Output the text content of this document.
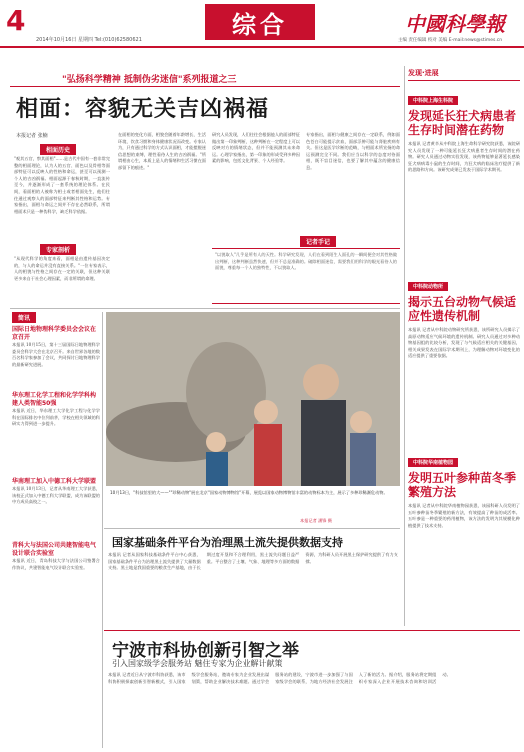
4
2014年10月16日 星期四 Tel:(010)62580621
综合	中國科學報
主编 责任编辑 校对 美编 E-mail:news@stimes.cn
"弘扬科学精神 抵制伪劣迷信"系列报道之三
相面：容貌无关吉凶祸福
本报记者 张楠
相面历史
"观其五官，察其面相"……是古代中国有一套非常完整的相面理论，认为人的五官、面色以及骨相等面部特征可以反映人的性格和命运，甚至可以预测一个人的吉凶祸福。相面起源于春秋时期，一直流传至今，并逐渐形成了一套系统的理论体系。在民间，看面相的人被称为相士或者相面先生，他们往往通过观察人的面部特征来判断其性格和运势。专家指出，面相与命运之间并不存在必然联系，所谓相面术只是一种伪科学，缺乏科学依据。
专家剖析
"从现代科学的角度来看，面相是由遗传基因决定的，与人的命运并没有直接关系。"一位专家表示，人的相貌与性格之间存在一定的关联，但这种关联更多来自于社会心理因素，而非所谓的命理。
在面相的变化方面，相貌会随着年龄增长、生活环境、饮食习惯和身体健康状况而改变。专家认为，只有通过科学的方式认识面相，才能摆脱迷信思想的束缚，理性看待人生的吉凶祸福。"所谓相由心生，本质上是人的情绪和生活习惯在面部留下的痕迹。"
研究人员发现，人们往往会根据他人的面部特征做出第一印象判断，这种判断在一定程度上可以反映对方的情绪状态，但并不能预测其未来命运。心理学家指出，第一印象的形成受到多种因素的影响，包括文化背景、个人经验等。
专家指出，面相与健康之间存在一定联系，例如面色苍白可能提示贫血，面部浮肿可能与肾脏疾病有关。但这是医学诊断的范畴，与相面术所宣扬的命运预测完全不同。我们应当以科学的态度对待面相，既不盲目迷信，也要了解其中蕴含的健康信息。
记者手记
"以貌取人"几乎是所有人的天性。科学研究发现，人们在看到陌生人面孔的一瞬间便会对其性格做出判断，这种判断虽然快速，但并不总是准确的。破除相面迷信，需要我们用科学的眼光看待人的面貌，尊重每一个人的独特性，不以貌取人。
发现·进展
中科院上海生科院
发现延长狂犬病患者生存时间潜在药物
本报讯 记者黄辛从中科院上海生命科学研究院获悉，该院研究人员发现了一种可能延长狂犬病患者生存时间的潜在药物。研究人员通过动物实验发现，该药物能够显著延长感染狂犬病病毒小鼠的生存时间，为狂犬病的临床治疗提供了新的思路和方向。该研究成果已发表于国际学术期刊。
中科院动物所
揭示五台动物气候适应性遗传机制
本报讯 记者从中科院动物研究所获悉，该所研究人员揭示了高原动物适应气候环境的遗传机制。研究人员通过对多种动物基因组的比较分析，发现了与气候适应相关的关键基因，相关成果发表在国际学术期刊上，为理解动物对环境变化的适应提供了重要依据。
中科院华南植物园
发明五叶参种苗冬季繁殖方法
本报讯 记者从中科院华南植物园获悉，该园科研人员发明了五叶参种苗冬季繁殖的新方法，有效提高了种苗的成活率。五叶参是一种重要的药用植物，该方法的发明为其规模化种植提供了技术支持。
简讯
国际日地物理科学委员会会议在京召开
本报讯 10月15日，第十三届国际日地物理科学委员会科学大会在北京召开。来自世界各地的数百名科学家参加了会议，共同探讨日地物理科学的最新研究进展。
华东理工化学工程和化学学科构建人类智能50强
本报讯 近日，华东理工大学化学工程与化学学科在国际排名中位列前茅，学校在相关领域的科研实力得到进一步提升。
华南理工加入中德工科大学联盟
本报讯 10月13日，记者从华南理工大学获悉，该校正式加入中德工科大学联盟，成为该联盟的中方成员高校之一。
青科大与法国公司共建智能电气设计联合实验室
本报讯 近日，青岛科技大学与法国公司签署合作协议，共建智能电气设计联合实验室。
10月13日，"科技馆里的大——""珍稀动物"展在北京"国家动物博物馆"开幕，展览以国家动物博物馆丰富的动物标本为主，展示了多种珍稀濒危动物。
本报记者 潘锋 摄
国家基础条件平台为治理黑土流失提供数据支持
本报讯 记者从国家科技基础条件平台中心获悉，国家基础条件平台为治理黑土流失提供了大量数据支持。黑土地是我国重要的粮食生产基地，由于长期过度开垦和不合理利用，黑土流失问题日益严重。平台整合了土壤、气象、地理等多方面的数据资源，为科研人员开展黑土保护研究提供了有力支撑。
宁波市科协创新引智之举
引入国家级学会服务站 魅住专家为企业解计献策
本报讯 记者近日从宁波市科协获悉，该市科协积极探索创新引智新模式，引入国家级学会服务站，邀请专家为企业发展出谋划策，帮助企业解决技术难题。通过学会服务站的建设，宁波市进一步加强了与国家级学会的联系，为地方经济社会发展注入了新的活力。据介绍，服务站将定期组织专家深入企业开展技术咨询和培训活动。
